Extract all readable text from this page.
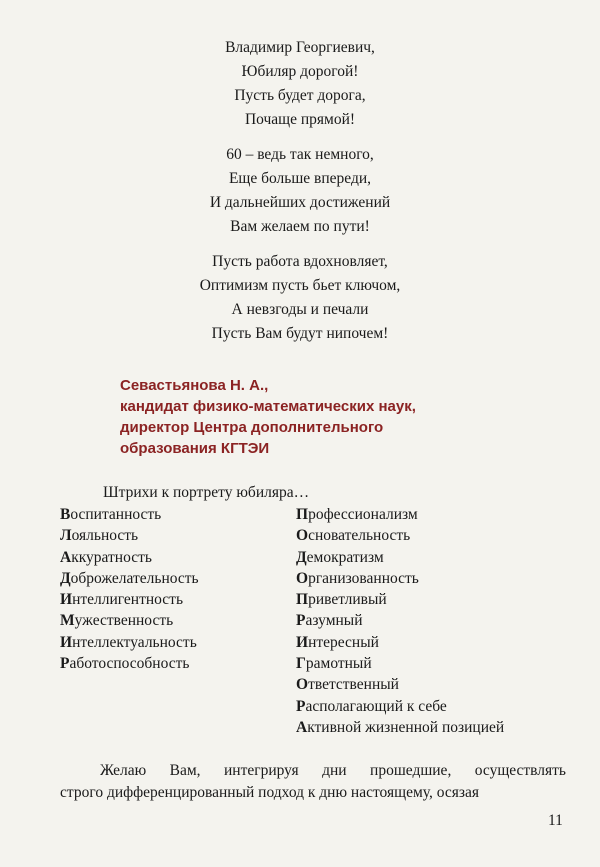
Владимир Георгиевич,
Юбиляр дорогой!
Пусть будет дорога,
Почаще прямой!
60 – ведь так немного,
Еще больше впереди,
И дальнейших достижений
Вам желаем по пути!
Пусть работа вдохновляет,
Оптимизм пусть бьет ключом,
А невзгоды и печали
Пусть Вам будут нипочем!
Севастьянова Н. А.,
кандидат физико-математических наук,
директор Центра дополнительного
образования КГТЭИ
Штрихи к портрету юбиляра…
Воспитанность
Лояльность
Аккуратность
Доброжелательность
Интеллигентность
Мужественность
Интеллектуальность
Работоспособность
Профессионализм
Основательность
Демократизм
Организованность
Приветливый
Разумный
Интересный
Грамотный
Ответственный
Располагающий к себе
Активной жизненной позицией
Желаю Вам, интегрируя дни прошедшие, осуществлять
строго дифференцированный подход к дню настоящему, осязая
11
